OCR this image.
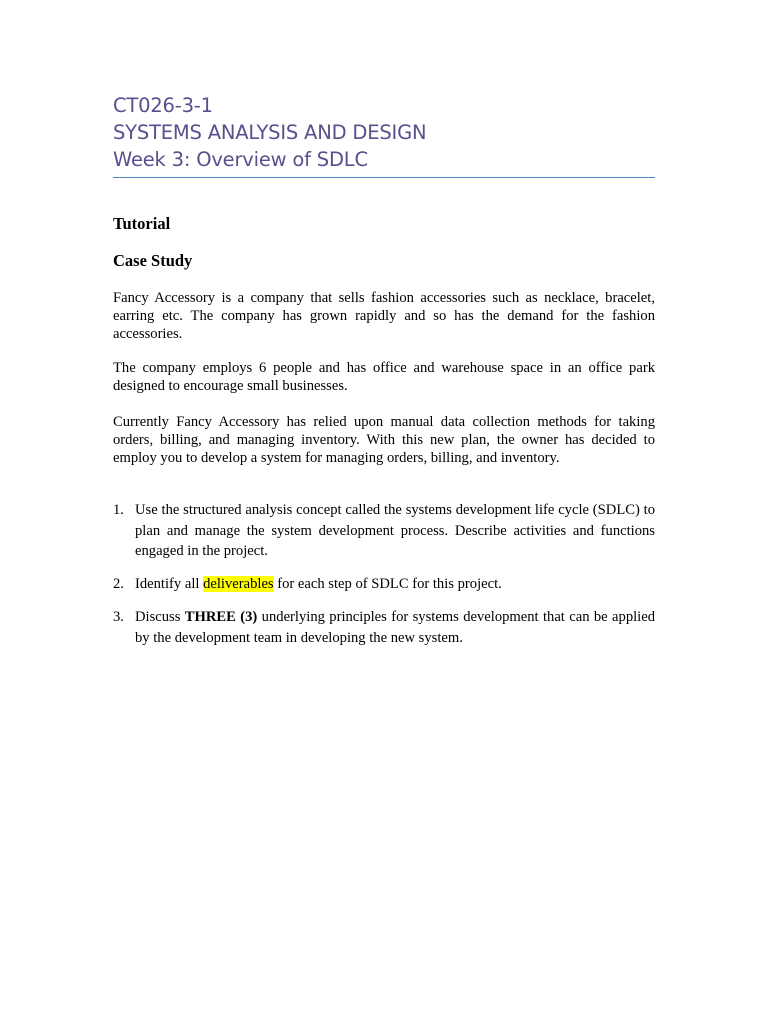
CT026-3-1
SYSTEMS ANALYSIS AND DESIGN
Week 3: Overview of SDLC
Tutorial
Case Study

Fancy Accessory is a company that sells fashion accessories such as necklace, bracelet, earring etc. The company has grown rapidly and so has the demand for the fashion accessories.

The company employs 6 people and has office and warehouse space in an office park designed to encourage small businesses.

Currently Fancy Accessory has relied upon manual data collection methods for taking orders, billing, and managing inventory. With this new plan, the owner has decided to employ you to develop a system for managing orders, billing, and inventory.

1. Use the structured analysis concept called the systems development life cycle (SDLC) to plan and manage the system development process. Describe activities and functions engaged in the project.
2. Identify all deliverables for each step of SDLC for this project.
3. Discuss THREE (3) underlying principles for systems development that can be applied by the development team in developing the new system.
